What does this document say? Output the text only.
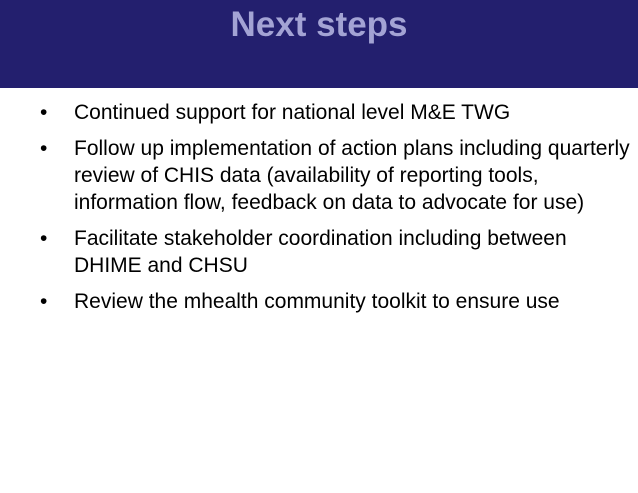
Next steps
•	Continued support for national level M&E TWG
•	Follow up implementation of action plans including quarterly review of CHIS data (availability of reporting tools, information flow, feedback on data to advocate for use)
•	Facilitate stakeholder coordination including between DHIME and CHSU
•	Review the mhealth community toolkit to ensure use
